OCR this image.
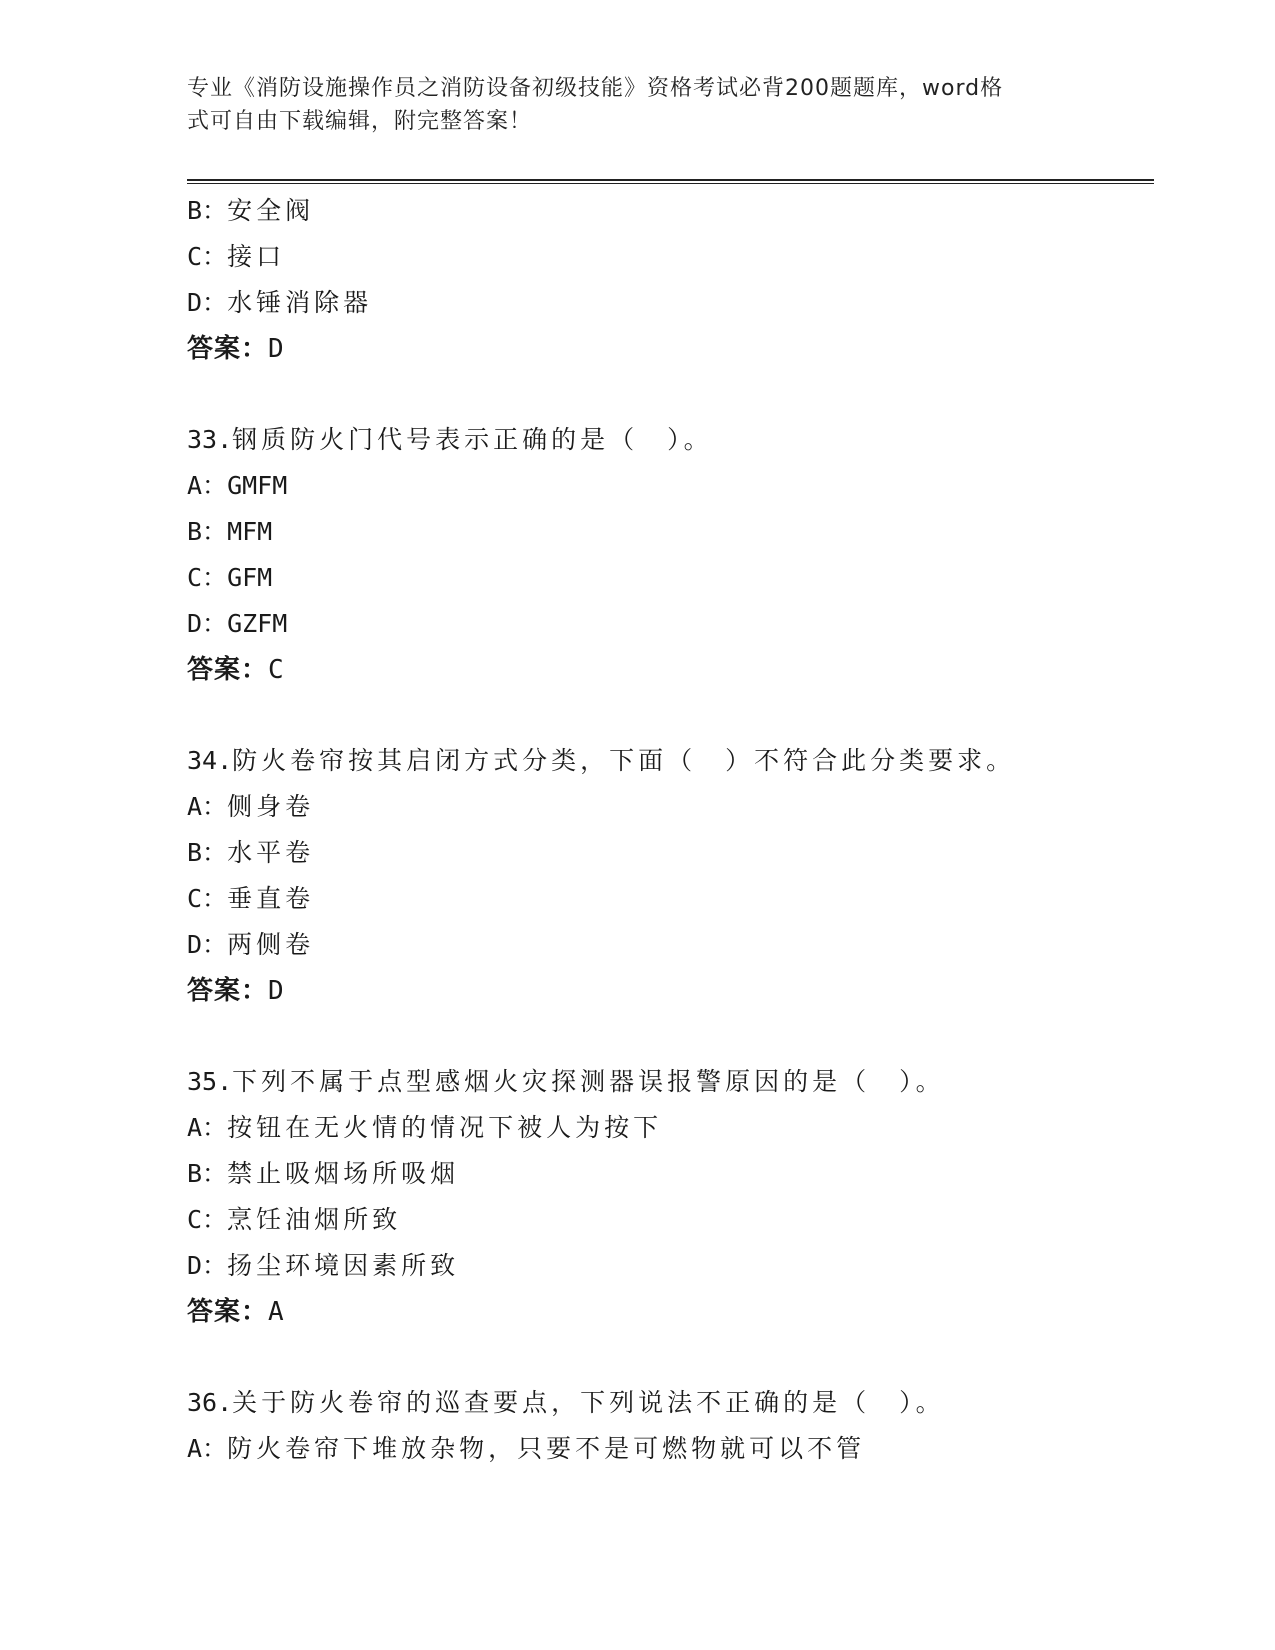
专业《消防设施操作员之消防设备初级技能》资格考试必背200题题库，word格
式可自由下载编辑，附完整答案！
B：安全阀
C：接口
D：水锤消除器
答案：D
33.钢质防火门代号表示正确的是（　）。
A：GMFM
B：MFM
C：GFM
D：GZFM
答案：C
34.防火卷帘按其启闭方式分类，下面（　）不符合此分类要求。
A：侧身卷
B：水平卷
C：垂直卷
D：两侧卷
答案：D
35.下列不属于点型感烟火灾探测器误报警原因的是（　）。
A：按钮在无火情的情况下被人为按下
B：禁止吸烟场所吸烟
C：烹饪油烟所致
D：扬尘环境因素所致
答案：A
36.关于防火卷帘的巡查要点，下列说法不正确的是（　）。
A：防火卷帘下堆放杂物，只要不是可燃物就可以不管
